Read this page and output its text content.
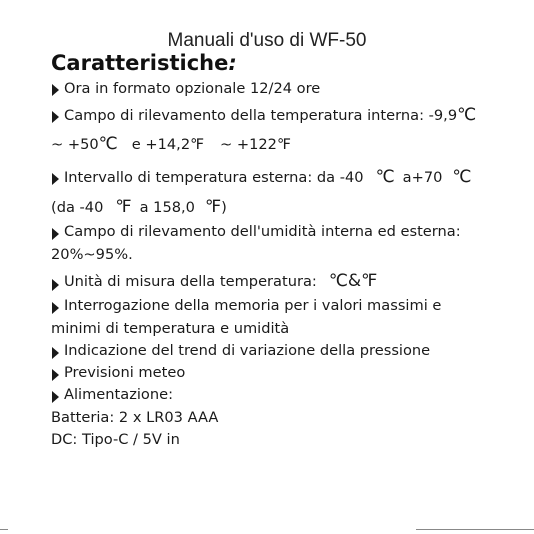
Manuali d'uso di WF-50
Caratteristiche:
Ora in formato opzionale 12/24 ore
Campo di rilevamento della temperatura interna: -9,9℃
~ +50℃ e +14,2℉ ~ +122℉
Intervallo di temperatura esterna: da -40 ℃ a+70 ℃
(da -40 ℉ a 158,0 ℉)
Campo di rilevamento dell'umidità interna ed esterna:
20%~95%.
Unità di misura della temperatura: ℃&℉
Interrogazione della memoria per i valori massimi e
minimi di temperatura e umidità
Indicazione del trend di variazione della pressione
Previsioni meteo
Alimentazione:
Batteria: 2 x LR03 AAA
DC: Tipo-C / 5V in
